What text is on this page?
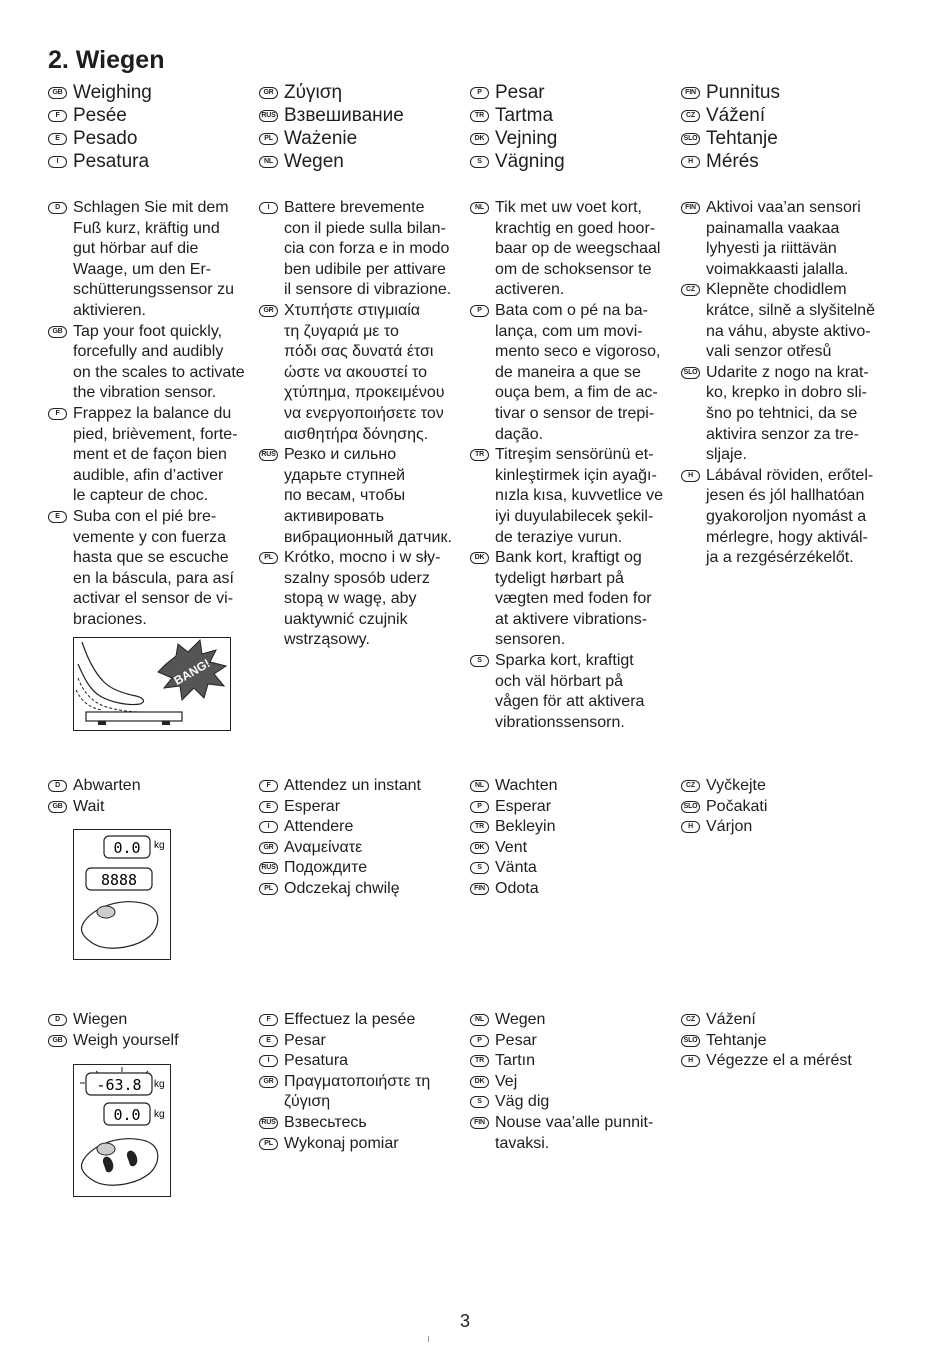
2. Wiegen
GB Weighing
F Pesée
E Pesado
I Pesatura
GR Ζύγιση
RUS Взвешивание
PL Ważenie
NL Wegen
P Pesar
TR Tartma
DK Vejning
S Vägning
FIN Punnitus
CZ Vážení
SLO Tehtanje
H Mérés
D Schlagen Sie mit dem
Fuß kurz, kräftig und
gut hörbar auf die
Waage, um den Er-
schütterungssensor zu
aktivieren.
GB Tap your foot quickly,
forcefully and audibly
on the scales to activate
the vibration sensor.
F Frappez la balance du
pied, brièvement, forte-
ment et de façon bien
audible, afin d’activer
le capteur de choc.
E Suba con el pié bre-
vemente y con fuerza
hasta que se escuche
en la báscula, para así
activar el sensor de vi-
braciones.
I Battere brevemente
con il piede sulla bilan-
cia con forza e in modo
ben udibile per attivare
il sensore di vibrazione.
GR Χτυπήστε στιγμιαία
τη ζυγαριά με το
πόδι σας δυνατά έτσι
ώστε να ακουστεί το
χτύπημα, προκειμένου
να ενεργοποιήσετε τον
αισθητήρα δόνησης.
RUS Резко и сильно
ударьте ступней
по весам, чтобы
активировать
вибрационный датчик.
PL Krótko, mocno i w sły-
szalny sposób uderz
stopą w wagę, aby
uaktywnić czujnik
wstrząsowy.
NL Tik met uw voet kort,
krachtig en goed hoor-
baar op de weegschaal
om de schoksensor te
activeren.
P Bata com o pé na ba-
lança, com um movi-
mento seco e vigoroso,
de maneira a que se
ouça bem, a fim de ac-
tivar o sensor de trepi-
dação.
TR Titreşim sensörünü et-
kinleştirmek için ayağı-
nızla kısa, kuvvetlice ve
iyi duyulabilecek şekil-
de teraziye vurun.
DK Bank kort, kraftigt og
tydeligt hørbart på
vægten med foden for
at aktivere vibrations-
sensoren.
S Sparka kort, kraftigt
och väl hörbart på
vågen för att aktivera
vibrationssensorn.
FIN Aktivoi vaa’an sensori
painamalla vaakaa
lyhyesti ja riittävän
voimakkaasti jalalla.
CZ Klepněte chodidlem
krátce, silně a slyšitelně
na váhu, abyste aktivo-
vali senzor otřesů
SLO Udarite z nogo na krat-
ko, krepko in dobro sli-
šno po tehtnici, da se
aktivira senzor za tre-
sljaje.
H Lábával röviden, erőtel-
jesen és jól hallhatóan
gyakoroljon nyomást a
mérlegre, hogy aktivál-
ja a rezgésérzékelőt.
D Abwarten
GB Wait
F Attendez un instant
E Esperar
I Attendere
GR Αναμείνατε
RUS Подождите
PL Odczekaj chwilę
NL Wachten
P Esperar
TR Bekleyin
DK Vent
S Vänta
FIN Odota
CZ Vyčkejte
SLO Počakati
H Várjon
D Wiegen
GB Weigh yourself
F Effectuez la pesée
E Pesar
I Pesatura
GR Πραγματοποιήστε τη
ζύγιση
RUS Взвесьтесь
PL Wykonaj pomiar
NL Wegen
P Pesar
TR Tartın
DK Vej
S Väg dig
FIN Nouse vaa’alle punnit-
tavaksi.
CZ Vážení
SLO Tehtanje
H Végezze el a mérést
BANG!
0.0 kg
8888
-63.8 kg
0.0 kg
3
